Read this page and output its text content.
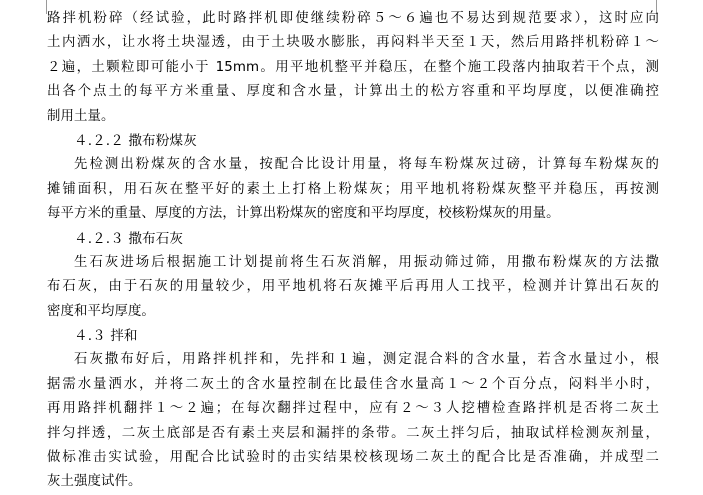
路拌机粉碎（经试验，此时路拌机即使继续粉碎５～６遍也不易达到规范要求），这时应向
土内洒水，让水将土块湿透，由于土块吸水膨胀，再闷料半天至１天，然后用路拌机粉碎１～
２遍，土颗粒即可能小于 15mm。用平地机整平并稳压，在整个施工段落内抽取若干个点，测
出各个点土的每平方米重量、厚度和含水量，计算出土的松方容重和平均厚度，以便准确控
制用土量。
４.２.２ 撒布粉煤灰
先检测出粉煤灰的含水量，按配合比设计用量，将每车粉煤灰过磅，计算每车粉煤灰的
摊铺面积，用石灰在整平好的素土上打格上粉煤灰；用平地机将粉煤灰整平并稳压，再按测
每平方米的重量、厚度的方法，计算出粉煤灰的密度和平均厚度，校核粉煤灰的用量。
４.２.３ 撒布石灰
生石灰进场后根据施工计划提前将生石灰消解，用振动筛过筛，用撒布粉煤灰的方法撒
布石灰，由于石灰的用量较少，用平地机将石灰摊平后再用人工找平，检测并计算出石灰的
密度和平均厚度。
４.３ 拌和
石灰撒布好后，用路拌机拌和，先拌和１遍，测定混合料的含水量，若含水量过小，根
据需水量洒水，并将二灰土的含水量控制在比最佳含水量高１～２个百分点，闷料半小时，
再用路拌机翻拌１～２遍；在每次翻拌过程中，应有２～３人挖槽检查路拌机是否将二灰土
拌匀拌透，二灰土底部是否有素土夹层和漏拌的条带。二灰土拌匀后，抽取试样检测灰剂量，
做标准击实试验，用配合比试验时的击实结果校核现场二灰土的配合比是否准确，并成型二
灰土强度试件。
